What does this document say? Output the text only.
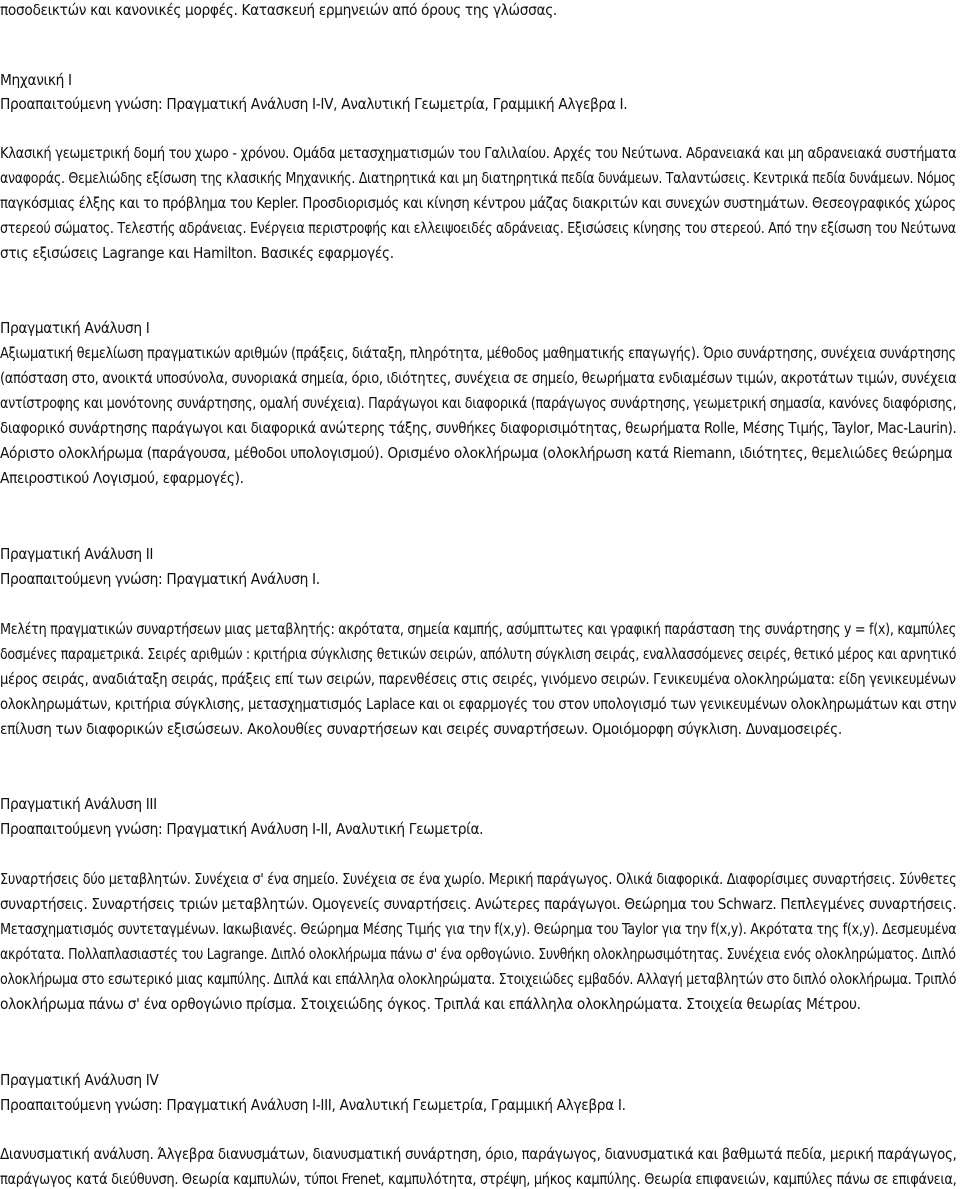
ποσοδεικτών και κανονικές μορφές. Κατασκευή ερμηνειών από όρους της γλώσσας.
Μηχανική Ι
Προαπαιτούμενη γνώση: Πραγματική Ανάλυση Ι-ΙV, Αναλυτική Γεωμετρία, Γραμμική Αλγεβρα Ι.
Κλασική γεωμετρική δομή του χωρο - χρόνου. Ομάδα μετασχηματισμών του Γαλιλαίου. Αρχές του Νεύτωνα. Αδρανειακά και μη αδρανειακά συστήματα
αναφοράς. Θεμελιώδης εξίσωση της κλασικής Μηχανικής. Διατηρητικά και μη διατηρητικά πεδία δυνάμεων. Ταλαντώσεις. Κεντρικά πεδία δυνάμεων. Νόμος
παγκόσμιας έλξης και το πρόβλημα του Kepler. Προσδιορισμός και κίνηση κέντρου μάζας διακριτών και συνεχών συστημάτων. Θεσεογραφικός χώρος
στερεού σώματος. Τελεστής αδράνειας. Ενέργεια περιστροφής και ελλειψοειδές αδράνειας. Εξισώσεις κίνησης του στερεού. Από την εξίσωση του Νεύτωνα
στις εξισώσεις Lagrange και Hamilton. Βασικές εφαρμογές.
Πραγματική Ανάλυση Ι
Αξιωματική θεμελίωση πραγματικών αριθμών (πράξεις, διάταξη, πληρότητα, μέθοδος μαθηματικής επαγωγής). Όριο συνάρτησης, συνέχεια συνάρτησης
(απόσταση στο, ανοικτά υποσύνολα, συνοριακά σημεία, όριο, ιδιότητες, συνέχεια σε σημείο, θεωρήματα ενδιαμέσων τιμών, ακροτάτων τιμών, συνέχεια
αντίστροφης και μονότονης συνάρτησης, ομαλή συνέχεια). Παράγωγοι και διαφορικά (παράγωγος συνάρτησης, γεωμετρική σημασία, κανόνες διαφόρισης,
διαφορικό συνάρτησης παράγωγοι και διαφορικά ανώτερης τάξης, συνθήκες διαφορισιμότητας, θεωρήματα Rolle, Μέσης Τιμής, Taylor, Mac-Laurin).
Αόριστο ολοκλήρωμα (παράγουσα, μέθοδοι υπολογισμού). Ορισμένο ολοκλήρωμα (ολοκλήρωση κατά Riemann, ιδιότητες, θεμελιώδες θεώρημα
Απειροστικού Λογισμού, εφαρμογές).
Πραγματική Ανάλυση ΙΙ
Προαπαιτούμενη γνώση: Πραγματική Ανάλυση Ι.
Μελέτη πραγματικών συναρτήσεων μιας μεταβλητής: ακρότατα, σημεία καμπής, ασύμπτωτες και γραφική παράσταση της συνάρτησης y = f(x), καμπύλες
δοσμένες παραμετρικά. Σειρές αριθμών : κριτήρια σύγκλισης θετικών σειρών, απόλυτη σύγκλιση σειράς, εναλλασσόμενες σειρές, θετικό μέρος και αρνητικό
μέρος σειράς, αναδιάταξη σειράς, πράξεις επί των σειρών, παρενθέσεις στις σειρές, γινόμενο σειρών. Γενικευμένα ολοκληρώματα: είδη γενικευμένων
ολοκληρωμάτων, κριτήρια σύγκλισης, μετασχηματισμός Laplace και οι εφαρμογές του στον υπολογισμό των γενικευμένων ολοκληρωμάτων και στην
επίλυση των διαφορικών εξισώσεων. Ακολουθίες συναρτήσεων και σειρές συναρτήσεων. Ομοιόμορφη σύγκλιση. Δυναμοσειρές.
Πραγματική Ανάλυση ΙΙΙ
Προαπαιτούμενη γνώση: Πραγματική Ανάλυση Ι-ΙΙ, Αναλυτική Γεωμετρία.
Συναρτήσεις δύο μεταβλητών. Συνέχεια σ' ένα σημείο. Συνέχεια σε ένα χωρίο. Μερική παράγωγος. Ολικά διαφορικά. Διαφορίσιμες συναρτήσεις. Σύνθετες
συναρτήσεις. Συναρτήσεις τριών μεταβλητών. Ομογενείς συναρτήσεις. Ανώτερες παράγωγοι. Θεώρημα του Schwarz. Πεπλεγμένες συναρτήσεις.
Μετασχηματισμός συντεταγμένων. Ιακωβιανές. Θεώρημα Μέσης Τιμής για την f(x,y). Θεώρημα του Taylor για την f(x,y). Ακρότατα της f(x,y). Δεσμευμένα
ακρότατα. Πολλαπλασιαστές του Lagrange. Διπλό ολοκλήρωμα πάνω σ' ένα ορθογώνιο. Συνθήκη ολοκληρωσιμότητας. Συνέχεια ενός ολοκληρώματος. Διπλό
ολοκλήρωμα στο εσωτερικό μιας καμπύλης. Διπλά και επάλληλα ολοκληρώματα. Στοιχειώδες εμβαδόν. Αλλαγή μεταβλητών στο διπλό ολοκλήρωμα. Τριπλό
ολοκλήρωμα πάνω σ' ένα ορθογώνιο πρίσμα. Στοιχειώδης όγκος. Τριπλά και επάλληλα ολοκληρώματα. Στοιχεία θεωρίας Μέτρου.
Πραγματική Ανάλυση ΙV
Προαπαιτούμενη γνώση: Πραγματική Ανάλυση Ι-ΙΙΙ, Αναλυτική Γεωμετρία, Γραμμική Αλγεβρα Ι.
Διανυσματική ανάλυση. Άλγεβρα διανυσμάτων, διανυσματική συνάρτηση, όριο, παράγωγος, διανυσματικά και βαθμωτά πεδία, μερική παράγωγος,
παράγωγος κατά διεύθυνση. Θεωρία καμπυλών, τύποι Frenet, καμπυλότητα, στρέψη, μήκος καμπύλης. Θεωρία επιφανειών, καμπύλες πάνω σε επιφάνεια,
